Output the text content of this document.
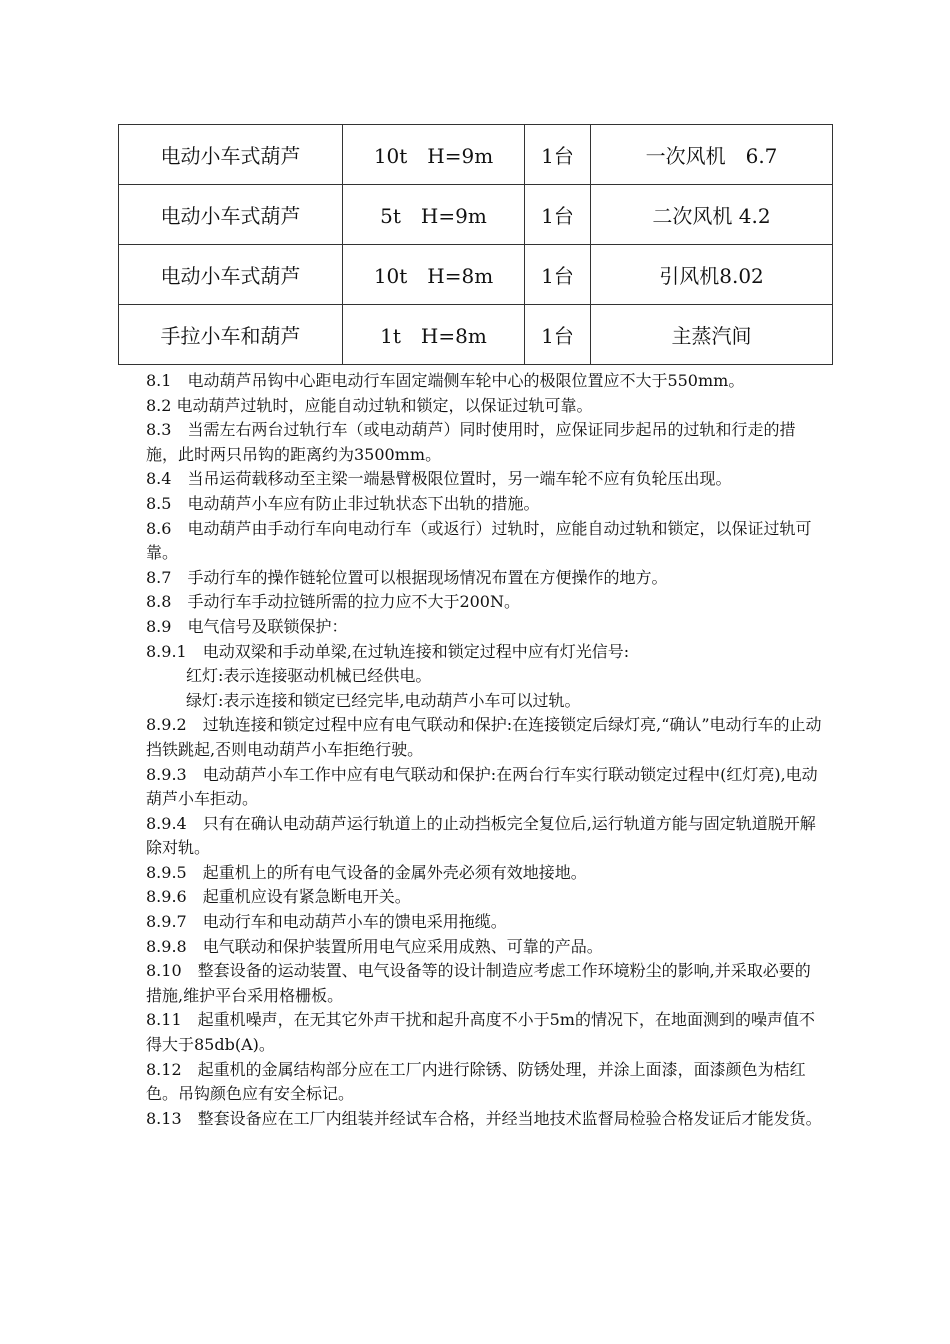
电动小车式葫芦	10t　H=9m	1台	一次风机　6.7
电动小车式葫芦	5t　H=9m	1台	二次风机 4.2
电动小车式葫芦	10t　H=8m	1台	引风机8.02
手拉小车和葫芦	1t　H=8m	1台	主蒸汽间

8.1　电动葫芦吊钩中心距电动行车固定端侧车轮中心的极限位置应不大于550mm。

8.2 电动葫芦过轨时，应能自动过轨和锁定，以保证过轨可靠。

8.3　当需左右两台过轨行车（或电动葫芦）同时使用时，应保证同步起吊的过轨和行走的措施，此时两只吊钩的距离约为3500mm。

8.4　当吊运荷载移动至主梁一端悬臂极限位置时，另一端车轮不应有负轮压出现。

8.5　电动葫芦小车应有防止非过轨状态下出轨的措施。

8.6　电动葫芦由手动行车向电动行车（或返行）过轨时，应能自动过轨和锁定，以保证过轨可靠。

8.7　手动行车的操作链轮位置可以根据现场情况布置在方便操作的地方。

8.8　手动行车手动拉链所需的拉力应不大于200N。

8.9　电气信号及联锁保护：

8.9.1　电动双梁和手动单梁,在过轨连接和锁定过程中应有灯光信号:

红灯:表示连接驱动机械已经供电。

绿灯:表示连接和锁定已经完毕,电动葫芦小车可以过轨。

8.9.2　过轨连接和锁定过程中应有电气联动和保护:在连接锁定后绿灯亮,“确认”电动行车的止动挡铁跳起,否则电动葫芦小车拒绝行驶。

8.9.3　电动葫芦小车工作中应有电气联动和保护:在两台行车实行联动锁定过程中(红灯亮),电动葫芦小车拒动。

8.9.4　只有在确认电动葫芦运行轨道上的止动挡板完全复位后,运行轨道方能与固定轨道脱开解除对轨。

8.9.5　起重机上的所有电气设备的金属外壳必须有效地接地。

8.9.6　起重机应设有紧急断电开关。

8.9.7　电动行车和电动葫芦小车的馈电采用拖缆。

8.9.8　电气联动和保护装置所用电气应采用成熟、可靠的产品。

8.10　整套设备的运动装置、电气设备等的设计制造应考虑工作环境粉尘的影响,并采取必要的措施,维护平台采用格栅板。

8.11　起重机噪声，在无其它外声干扰和起升高度不小于5m的情况下，在地面测到的噪声值不得大于85db(A)。

8.12　起重机的金属结构部分应在工厂内进行除锈、防锈处理，并涂上面漆，面漆颜色为桔红色。吊钩颜色应有安全标记。

8.13　整套设备应在工厂内组装并经试车合格，并经当地技术监督局检验合格发证后才能发货。
